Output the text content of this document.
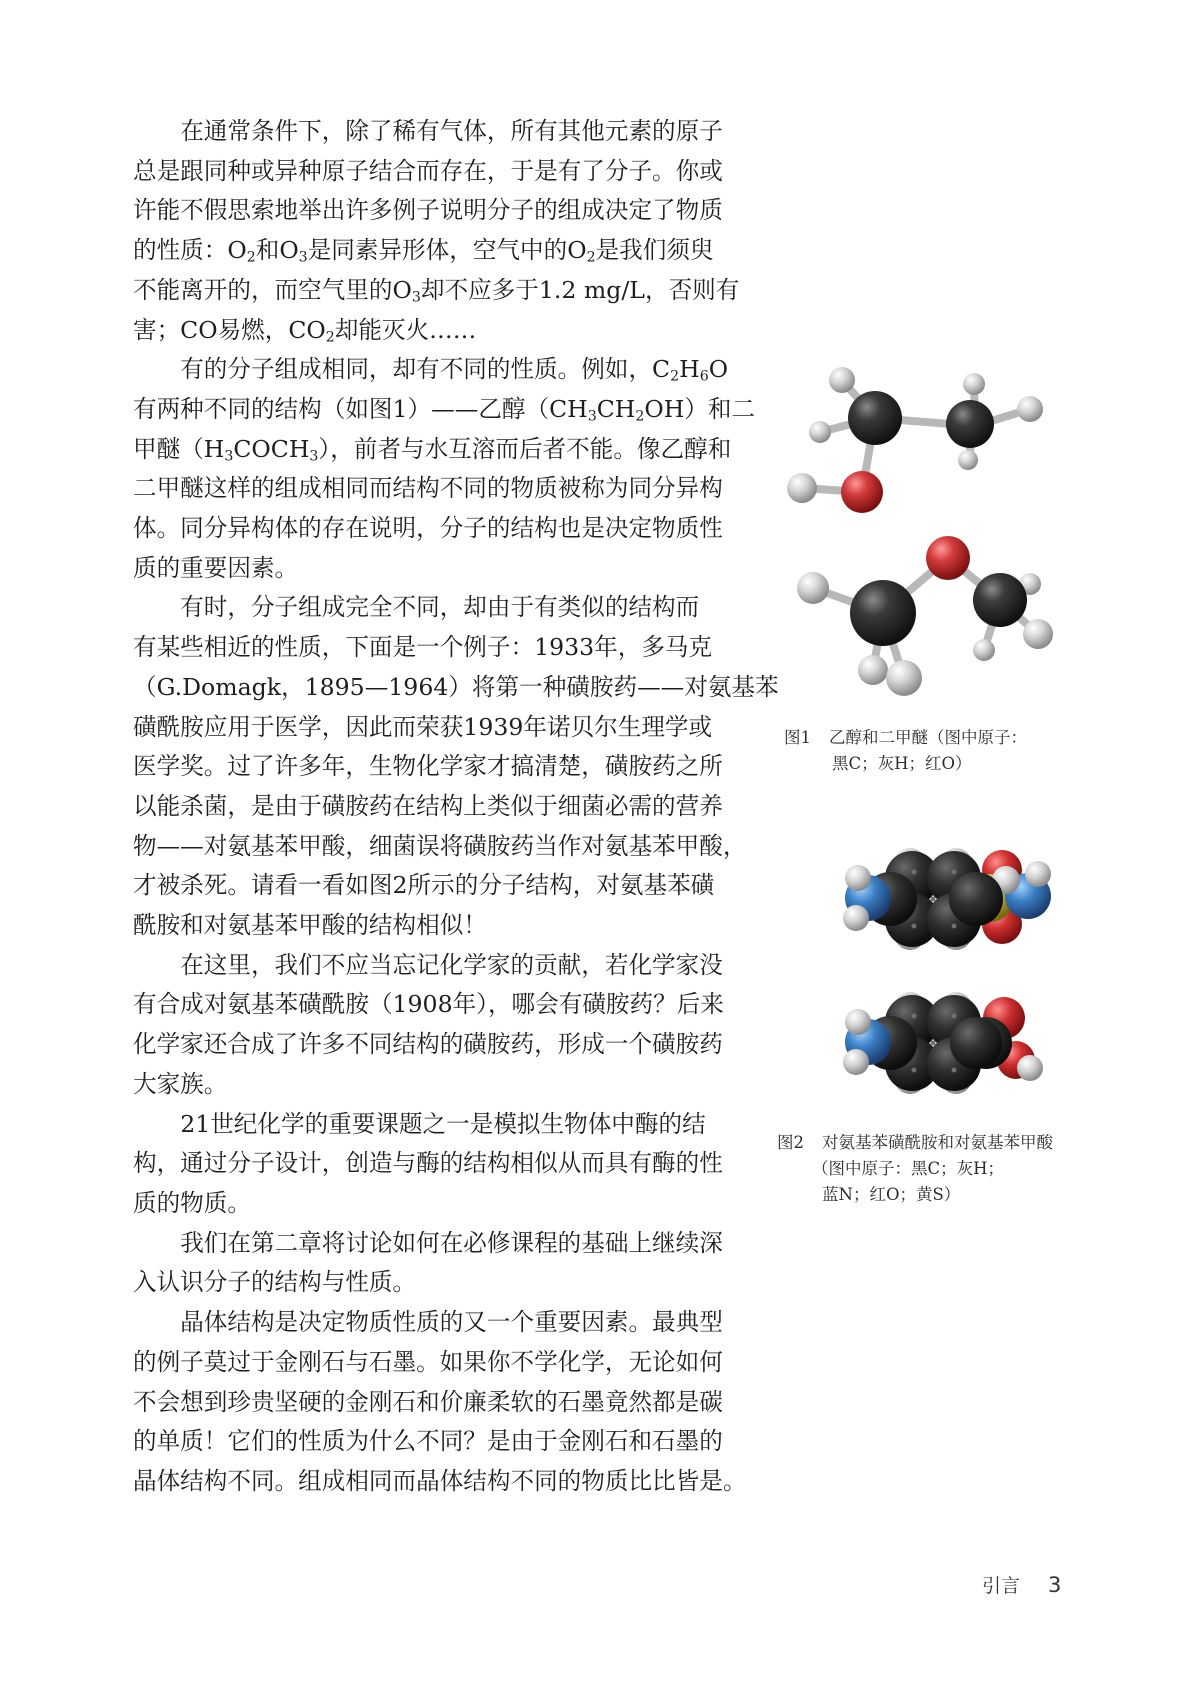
在通常条件下，除了稀有气体，所有其他元素的原子
总是跟同种或异种原子结合而存在，于是有了分子。你或
许能不假思索地举出许多例子说明分子的组成决定了物质
的性质：$O_2$和$O_3$是同素异形体，空气中的$O_2$是我们须臾
不能离开的，而空气里的$O_3$却不应多于1.2 mg/L，否则有
害；CO易燃，$CO_2$却能灭火……

有的分子组成相同，却有不同的性质。例如，$C_2H_6O$
有两种不同的结构（如图1）——乙醇$(CH_3CH_2OH)$和二
甲醚$(H_3COCH_3)$，前者与水互溶而后者不能。像乙醇和
二甲醚这样的组成相同而结构不同的物质被称为同分异构
体。同分异构体的存在说明，分子的结构也是决定物质性
质的重要因素。

有时，分子组成完全不同，却由于有类似的结构而
有某些相近的性质，下面是一个例子：1933年，多马克
（G.Domagk，1895—1964）将第一种磺胺药——对氨基苯
磺酰胺应用于医学，因此而荣获1939年诺贝尔生理学或
医学奖。过了许多年，生物化学家才搞清楚，磺胺药之所
以能杀菌，是由于磺胺药在结构上类似于细菌必需的营养
物——对氨基苯甲酸，细菌误将磺胺药当作对氨基苯甲酸，
才被杀死。请看一看如图2所示的分子结构，对氨基苯磺
酰胺和对氨基苯甲酸的结构相似！

在这里，我们不应当忘记化学家的贡献，若化学家没
有合成对氨基苯磺酰胺（1908年），哪会有磺胺药？后来
化学家还合成了许多不同结构的磺胺药，形成一个磺胺药
大家族。

21世纪化学的重要课题之一是模拟生物体中酶的结
构，通过分子设计，创造与酶的结构相似从而具有酶的性
质的物质。

我们在第二章将讨论如何在必修课程的基础上继续深
入认识分子的结构与性质。

晶体结构是决定物质性质的又一个重要因素。最典型
的例子莫过于金刚石与石墨。如果你不学化学，无论如何
不会想到珍贵坚硬的金刚石和价廉柔软的石墨竟然都是碳
的单质！它们的性质为什么不同？是由于金刚石和石墨的
晶体结构不同。组成相同而晶体结构不同的物质比比皆是。

图1 乙醇和二甲醚（图中原子：
黑C；灰H；红O）
图2 对氨基苯磺酰胺和对氨基苯甲酸
（图中原子：黑C；灰H；
蓝N；红O；黄S）
引言 3
